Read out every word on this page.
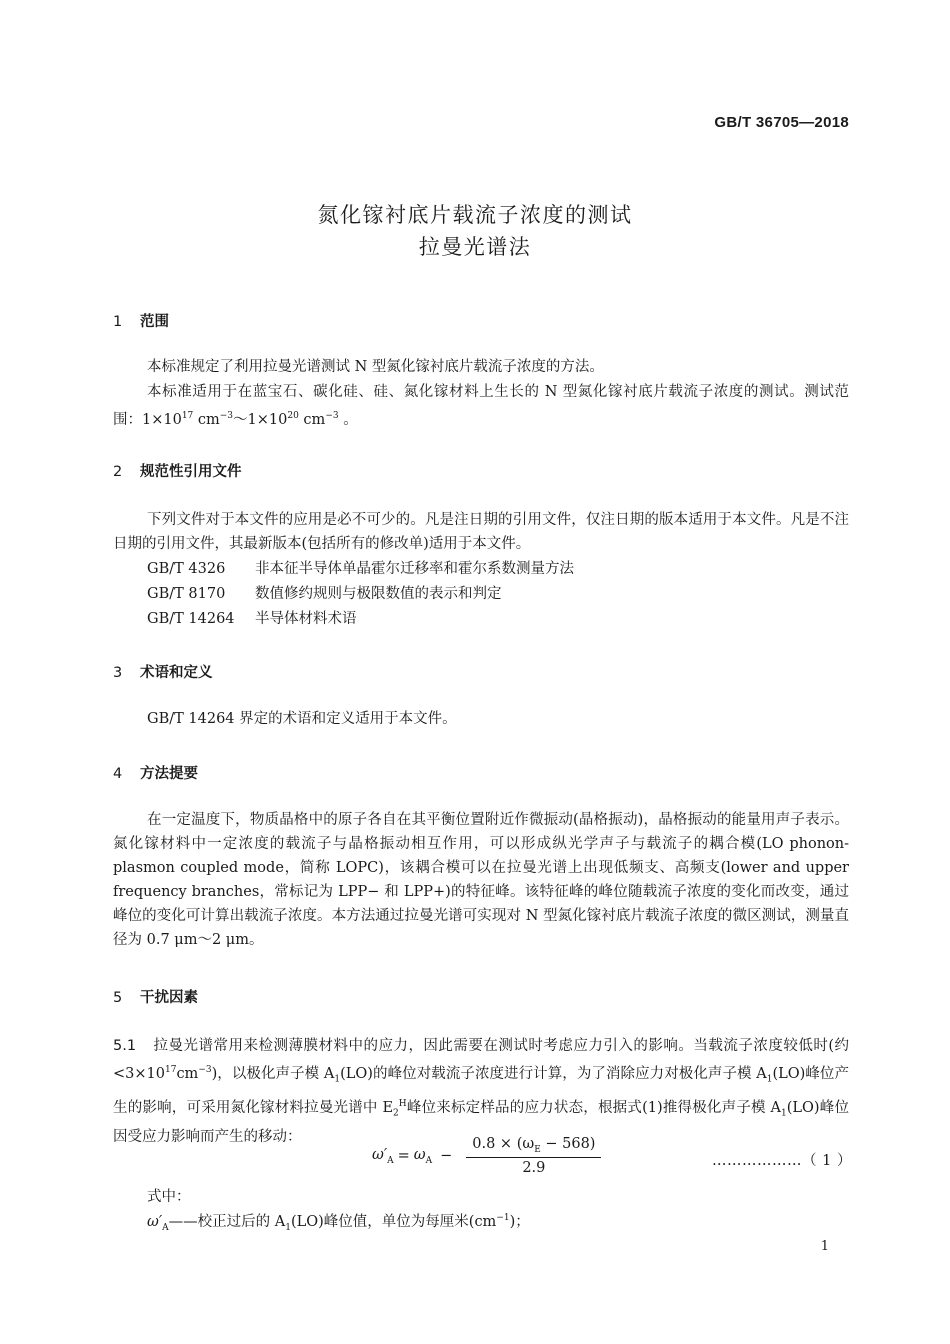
GB/T 36705—2018
氮化镓衬底片载流子浓度的测试
拉曼光谱法
1 范围
本标准规定了利用拉曼光谱测试 N 型氮化镓衬底片载流子浓度的方法。
本标准适用于在蓝宝石、碳化硅、硅、氮化镓材料上生长的 N 型氮化镓衬底片载流子浓度的测试。测试范围：$1\times 10^{17}$ $cm^{-3}\sim 1\times 10^{20}$ $cm^{-3}$ 。
2 规范性引用文件
下列文件对于本文件的应用是必不可少的。凡是注日期的引用文件，仅注日期的版本适用于本文件。凡是不注日期的引用文件，其最新版本(包括所有的修改单)适用于本文件。
GB/T 4326 非本征半导体单晶霍尔迁移率和霍尔系数测量方法
GB/T 8170 数值修约规则与极限数值的表示和判定
GB/T 14264 半导体材料术语
3 术语和定义
GB/T 14264 界定的术语和定义适用于本文件。
4 方法提要
在一定温度下，物质晶格中的原子各自在其平衡位置附近作微振动(晶格振动)，晶格振动的能量用声子表示。氮化镓材料中一定浓度的载流子与晶格振动相互作用，可以形成纵光学声子与载流子的耦合模(LO phonon-plasmon coupled mode，简称 LOPC)，该耦合模可以在拉曼光谱上出现低频支、高频支(lower and upper frequency branches，常标记为 LPP− 和 LPP+)的特征峰。该特征峰的峰位随载流子浓度的变化而改变，通过峰位的变化可计算出载流子浓度。本方法通过拉曼光谱可实现对 N 型氮化镓衬底片载流子浓度的微区测试，测量直径为 0.7 μm～2 μm。
5 干扰因素
5.1 拉曼光谱常用来检测薄膜材料中的应力，因此需要在测试时考虑应力引入的影响。当载流子浓度较低时(约$<3\times 10^{17}cm^{-3}$)，以极化声子模 $A_1(LO)$的峰位对载流子浓度进行计算，为了消除应力对极化声子模 $A_1(LO)$峰位产生的影响，可采用氮化镓材料拉曼光谱中 $E_2^H$峰位来标定样品的应力状态，根据式(1)推得极化声子模 $A_1(LO)$峰位因受应力影响而产生的移动：
$\omega'_A = \omega_A - \frac{0.8 \times (\omega_E - 568)}{2.9}$	………………（ 1 ）
式中：
$\omega'_A——$校正过后的 $A_1(LO)$峰位值，单位为每厘米$(cm^{-1})$；
1
